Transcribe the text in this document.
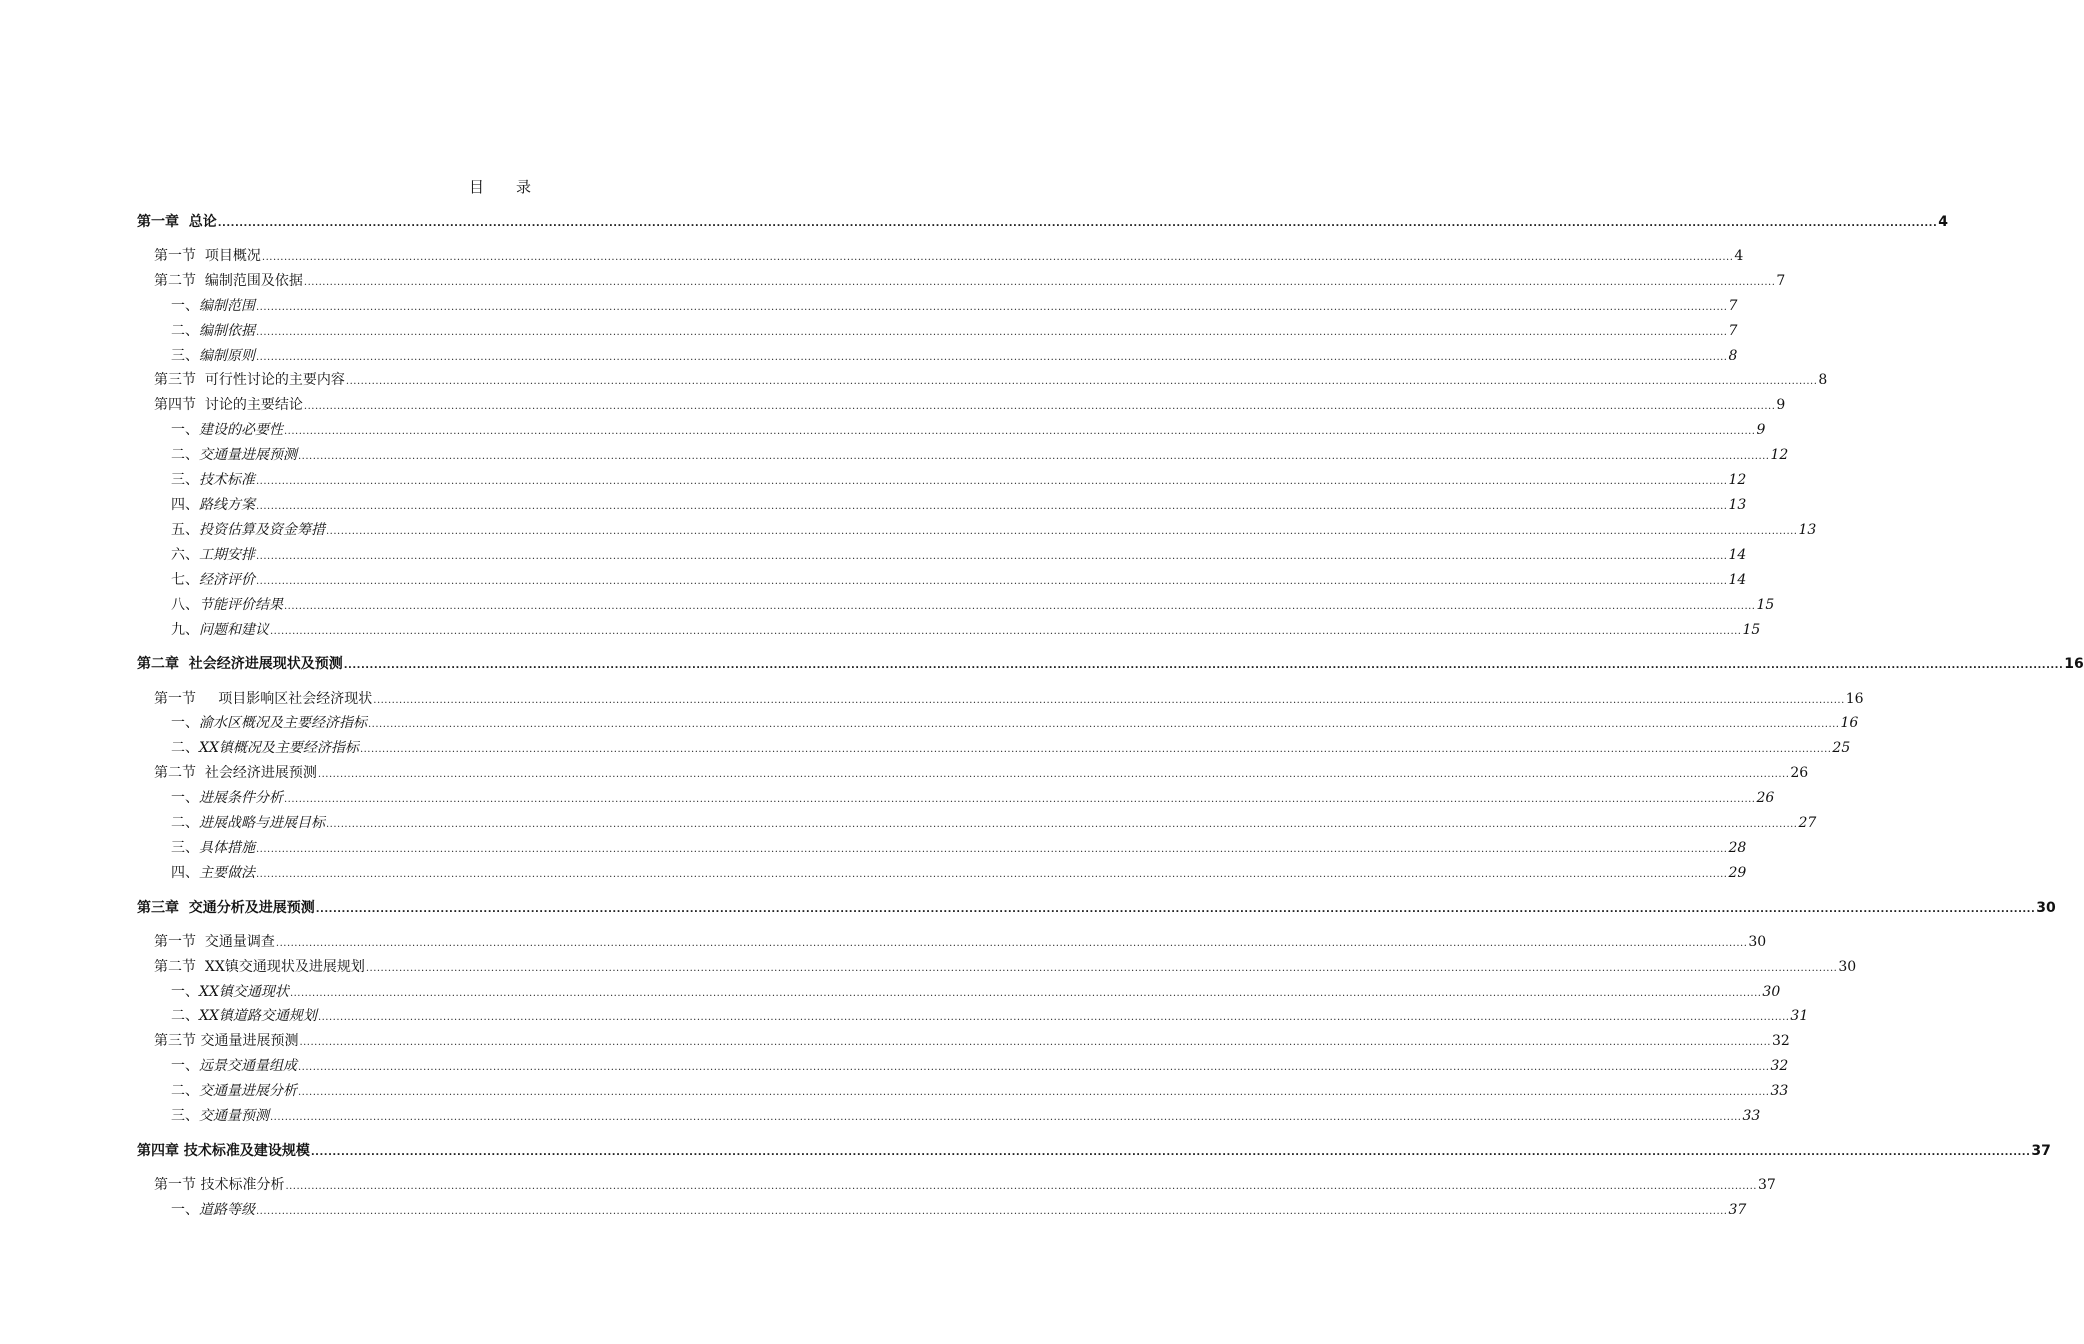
目 录
第一章  总论 ................................................................................................................................................................................................................................................................................................................................................................................................................ 4
第一节  项目概况 ................................................................................................................................................................................................................................................................................................................................................................................................................ 4
第二节  编制范围及依据 ................................................................................................................................................................................................................................................................................................................................................................................................................ 7
一、编制范围 ................................................................................................................................................................................................................................................................................................................................................................................................................ 7
二、编制依据 ................................................................................................................................................................................................................................................................................................................................................................................................................ 7
三、编制原则 ................................................................................................................................................................................................................................................................................................................................................................................................................ 8
第三节  可行性讨论的主要内容 ................................................................................................................................................................................................................................................................................................................................................................................................................ 8
第四节  讨论的主要结论 ................................................................................................................................................................................................................................................................................................................................................................................................................ 9
一、建设的必要性 ................................................................................................................................................................................................................................................................................................................................................................................................................ 9
二、交通量进展预测 ................................................................................................................................................................................................................................................................................................................................................................................................................ 12
三、技术标准 ................................................................................................................................................................................................................................................................................................................................................................................................................ 12
四、路线方案 ................................................................................................................................................................................................................................................................................................................................................................................................................ 13
五、投资估算及资金筹措 ................................................................................................................................................................................................................................................................................................................................................................................................................ 13
六、工期安排 ................................................................................................................................................................................................................................................................................................................................................................................................................ 14
七、经济评价 ................................................................................................................................................................................................................................................................................................................................................................................................................ 14
八、节能评价结果 ................................................................................................................................................................................................................................................................................................................................................................................................................ 15
九、问题和建议 ................................................................................................................................................................................................................................................................................................................................................................................................................ 15
第二章  社会经济进展现状及预测 ................................................................................................................................................................................................................................................................................................................................................................................................................ 16
第一节     项目影响区社会经济现状 ................................................................................................................................................................................................................................................................................................................................................................................................................ 16
一、渝水区概况及主要经济指标 ................................................................................................................................................................................................................................................................................................................................................................................................................ 16
二、XX镇概况及主要经济指标 ................................................................................................................................................................................................................................................................................................................................................................................................................ 25
第二节  社会经济进展预测 ................................................................................................................................................................................................................................................................................................................................................................................................................ 26
一、进展条件分析 ................................................................................................................................................................................................................................................................................................................................................................................................................ 26
二、进展战略与进展目标 ................................................................................................................................................................................................................................................................................................................................................................................................................ 27
三、具体措施 ................................................................................................................................................................................................................................................................................................................................................................................................................ 28
四、主要做法 ................................................................................................................................................................................................................................................................................................................................................................................................................ 29
第三章  交通分析及进展预测 ................................................................................................................................................................................................................................................................................................................................................................................................................ 30
第一节  交通量调查 ................................................................................................................................................................................................................................................................................................................................................................................................................ 30
第二节  XX镇交通现状及进展规划 ................................................................................................................................................................................................................................................................................................................................................................................................................ 30
一、XX镇交通现状 ................................................................................................................................................................................................................................................................................................................................................................................................................ 30
二、XX镇道路交通规划 ................................................................................................................................................................................................................................................................................................................................................................................................................ 31
第三节 交通量进展预测 ................................................................................................................................................................................................................................................................................................................................................................................................................ 32
一、远景交通量组成 ................................................................................................................................................................................................................................................................................................................................................................................................................ 32
二、交通量进展分析 ................................................................................................................................................................................................................................................................................................................................................................................................................ 33
三、交通量预测 ................................................................................................................................................................................................................................................................................................................................................................................................................ 33
第四章 技术标准及建设规模 ................................................................................................................................................................................................................................................................................................................................................................................................................ 37
第一节 技术标准分析 ................................................................................................................................................................................................................................................................................................................................................................................................................ 37
一、道路等级 ................................................................................................................................................................................................................................................................................................................................................................................................................ 37
